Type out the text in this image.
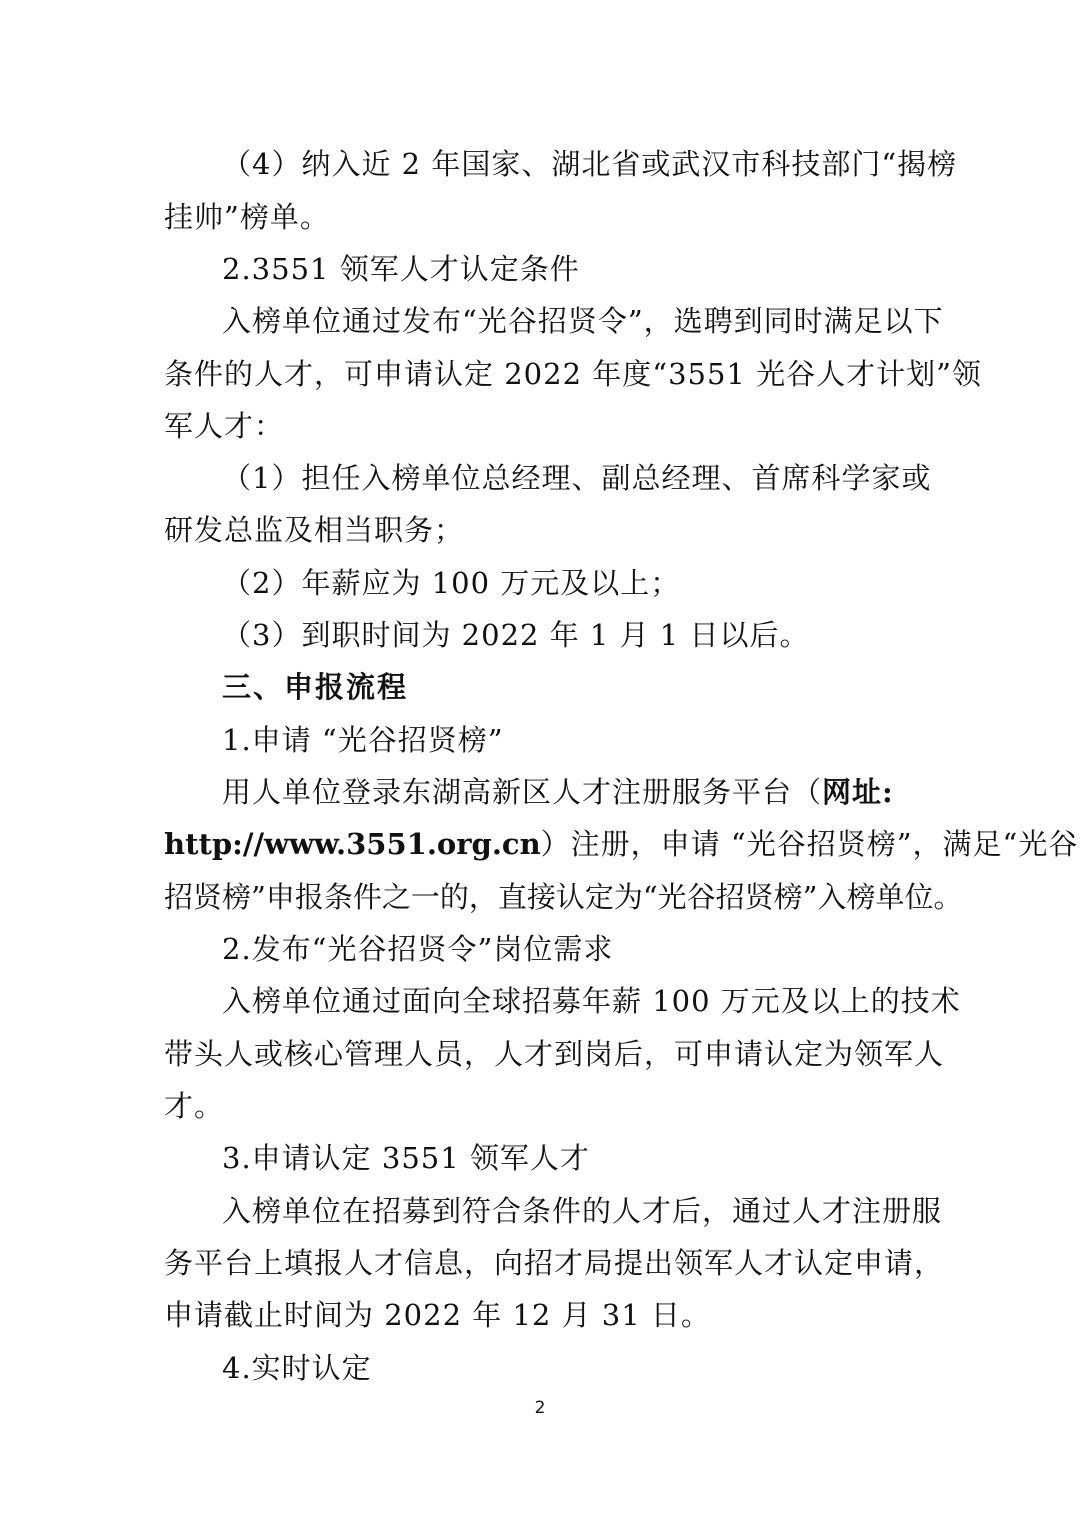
（4）纳入近 2 年国家、湖北省或武汉市科技部门“揭榜
挂帅”榜单。
2.3551 领军人才认定条件
入榜单位通过发布“光谷招贤令”，选聘到同时满足以下
条件的人才，可申请认定 2022 年度“3551 光谷人才计划”领
军人才：
（1）担任入榜单位总经理、副总经理、首席科学家或
研发总监及相当职务；
（2）年薪应为 100 万元及以上；
（3）到职时间为 2022 年 1 月 1 日以后。
三、申报流程
1.申请 “光谷招贤榜”
用人单位登录东湖高新区人才注册服务平台（网址:
http://www.3551.org.cn）注册，申请 “光谷招贤榜”，满足“光谷
招贤榜”申报条件之一的，直接认定为“光谷招贤榜”入榜单位。
2.发布“光谷招贤令”岗位需求
入榜单位通过面向全球招募年薪 100 万元及以上的技术
带头人或核心管理人员，人才到岗后，可申请认定为领军人
才。
3.申请认定 3551 领军人才
入榜单位在招募到符合条件的人才后，通过人才注册服
务平台上填报人才信息，向招才局提出领军人才认定申请，
申请截止时间为 2022 年 12 月 31 日。
4.实时认定
2
